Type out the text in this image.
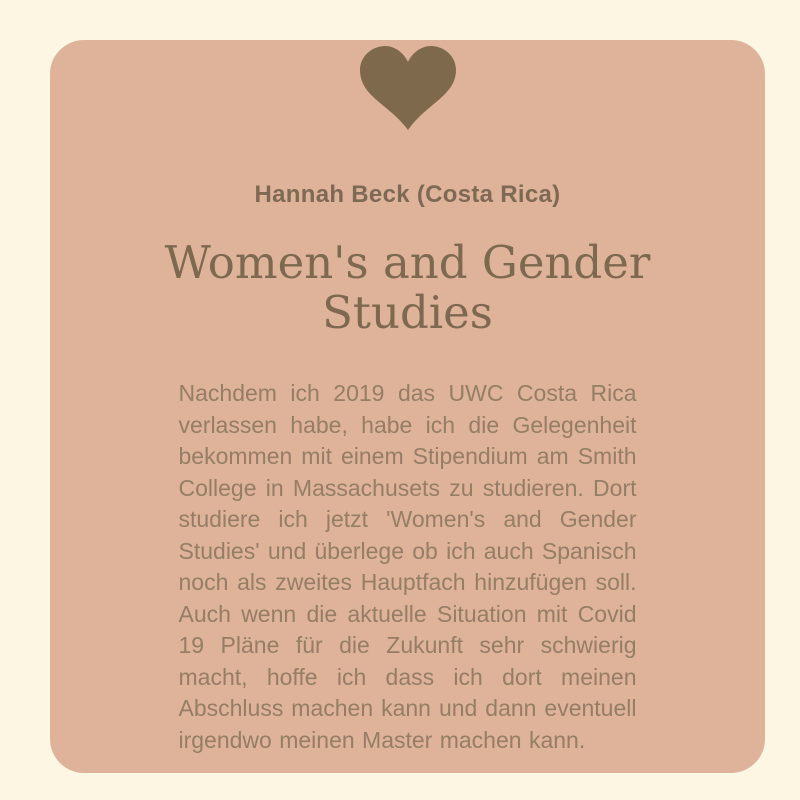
Hannah Beck (Costa Rica)
Women's and Gender Studies

Nachdem ich 2019 das UWC Costa Rica verlassen habe, habe ich die Gelegenheit bekommen mit einem Stipendium am Smith College in Massachusets zu studieren. Dort studiere ich jetzt 'Women's and Gender Studies' und überlege ob ich auch Spanisch noch als zweites Hauptfach hinzufügen soll. Auch wenn die aktuelle Situation mit Covid 19 Pläne für die Zukunft sehr schwierig macht, hoffe ich dass ich dort meinen Abschluss machen kann und dann eventuell irgendwo meinen Master machen kann.
